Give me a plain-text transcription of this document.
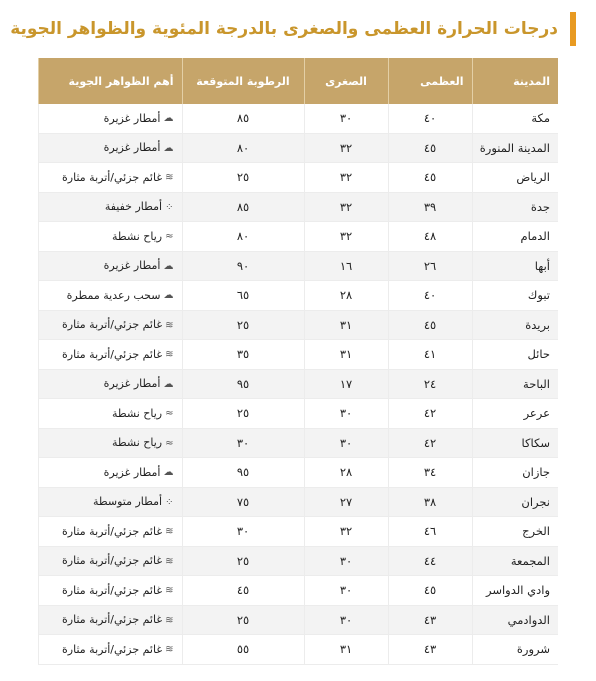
درجات الحرارة العظمى والصغرى بالدرجة المئوية والظواهر الجوية
المدينة	العظمى	الصغرى	الرطوبة المتوقعة	أهم الظواهر الجوية
مكة	٤٠	٣٠	٨٥	☁أمطار غزيرة
المدينة المنورة	٤٥	٣٢	٨٠	☁أمطار غزيرة
الرياض	٤٥	٣٢	٢٥	≋غائم جزئي/أتربة مثارة
جدة	٣٩	٣٢	٨٥	⁘أمطار خفيفة
الدمام	٤٨	٣٢	٨٠	≈رياح نشطة
أبها	٢٦	١٦	٩٠	☁أمطار غزيرة
تبوك	٤٠	٢٨	٦٥	☁سحب رعدية ممطرة
بريدة	٤٥	٣١	٢٥	≋غائم جزئي/أتربة مثارة
حائل	٤١	٣١	٣٥	≋غائم جزئي/أتربة مثارة
الباحة	٢٤	١٧	٩٥	☁أمطار غزيرة
عرعر	٤٢	٣٠	٢٥	≈رياح نشطة
سكاكا	٤٢	٣٠	٣٠	≈رياح نشطة
جازان	٣٤	٢٨	٩٥	☁أمطار غزيرة
نجران	٣٨	٢٧	٧٥	⁘أمطار متوسطة
الخرج	٤٦	٣٢	٣٠	≋غائم جزئي/أتربة مثارة
المجمعة	٤٤	٣٠	٢٥	≋غائم جزئي/أتربة مثارة
وادي الدواسر	٤٥	٣٠	٤٥	≋غائم جزئي/أتربة مثارة
الدوادمي	٤٣	٣٠	٢٥	≋غائم جزئي/أتربة مثارة
شرورة	٤٣	٣١	٥٥	≋غائم جزئي/أتربة مثارة
